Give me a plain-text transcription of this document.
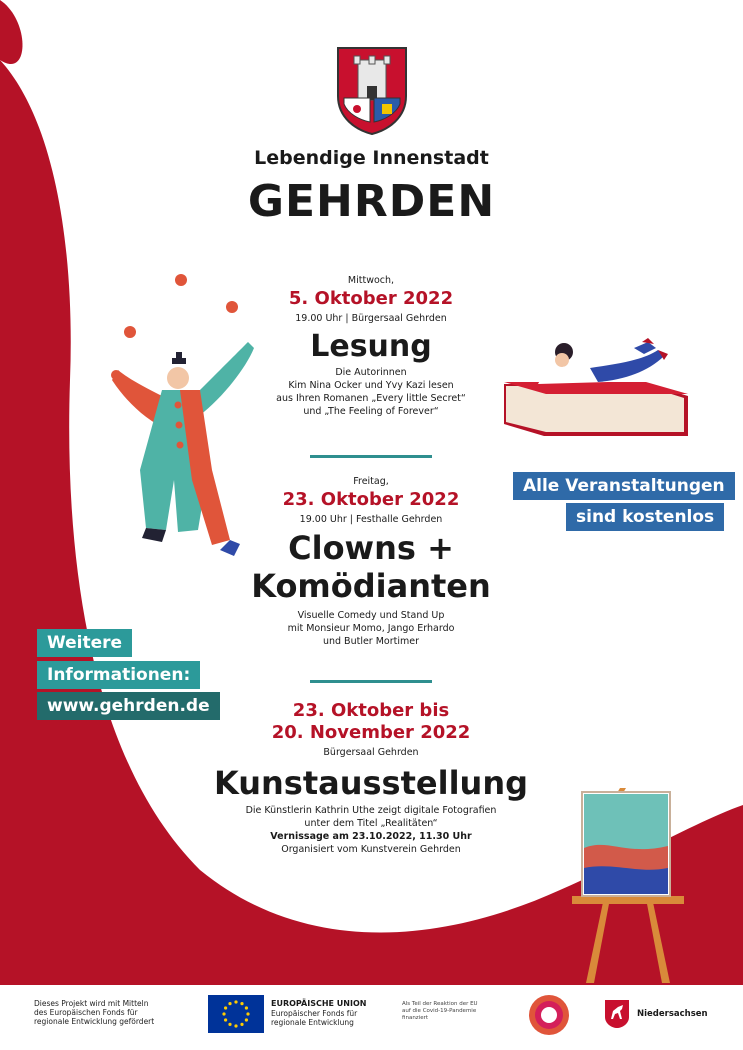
Lebendige Innenstadt
GEHRDEN
Mittwoch,
5. Oktober 2022
19.00 Uhr | Bürgersaal Gehrden
Lesung
Die Autorinnen
Kim Nina Ocker und Yvy Kazi lesen
aus Ihren Romanen „Every little Secret“
und „The Feeling of Forever“
Freitag,
23. Oktober 2022
19.00 Uhr | Festhalle Gehrden
Clowns +
Komödianten
Visuelle Comedy und Stand Up
mit Monsieur Momo, Jango Erhardo
und Butler Mortimer
23. Oktober bis
20. November 2022
Bürgersaal Gehrden
Kunstausstellung
Die Künstlerin Kathrin Uthe zeigt digitale Fotografien
unter dem Titel „Realitäten“
Vernissage am 23.10.2022, 11.30 Uhr
Organisiert vom Kunstverein Gehrden
Alle Veranstaltungen
sind kostenlos
Weitere
Informationen:
www.gehrden.de
Dieses Projekt wird mit Mitteln
des Europäischen Fonds für
regionale Entwicklung gefördert
EUROPÄISCHE UNION
Europäischer Fonds für
regionale Entwicklung
Als Teil der Reaktion der EU
auf die Covid-19-Pandemie
finanziert	Niedersachsen
